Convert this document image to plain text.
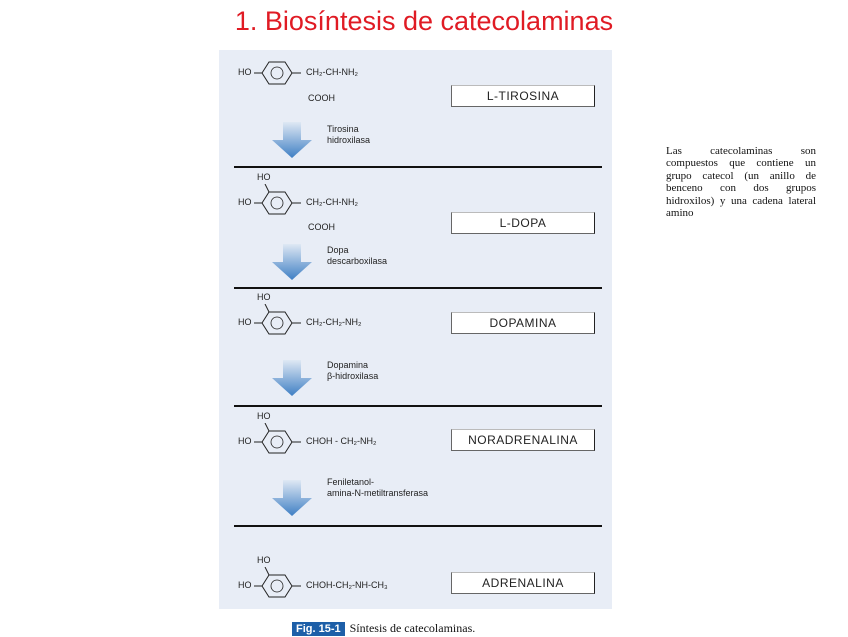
1. Biosíntesis de catecolaminas
HO	CH₂-CH-NH₂
COOH	L-TIROSINA
Tirosina
hidroxilasa
HO
HO	CH₂-CH-NH₂
COOH	L-DOPA
Dopa
descarboxilasa
HO
HO	CH₂-CH₂-NH₂	DOPAMINA
Dopamina
β-hidroxilasa
HO
HO	CHOH - CH₂-NH₂	NORADRENALINA
Feniletanol-
amina-N-metiltransferasa
HO
HO	CHOH-CH₂-NH-CH₃	ADRENALINA
Las catecolaminas son compuestos que contiene un grupo catecol (un anillo de benceno con dos grupos hidroxilos) y una cadena lateral amino
Fig. 15-1 Síntesis de catecolaminas.
